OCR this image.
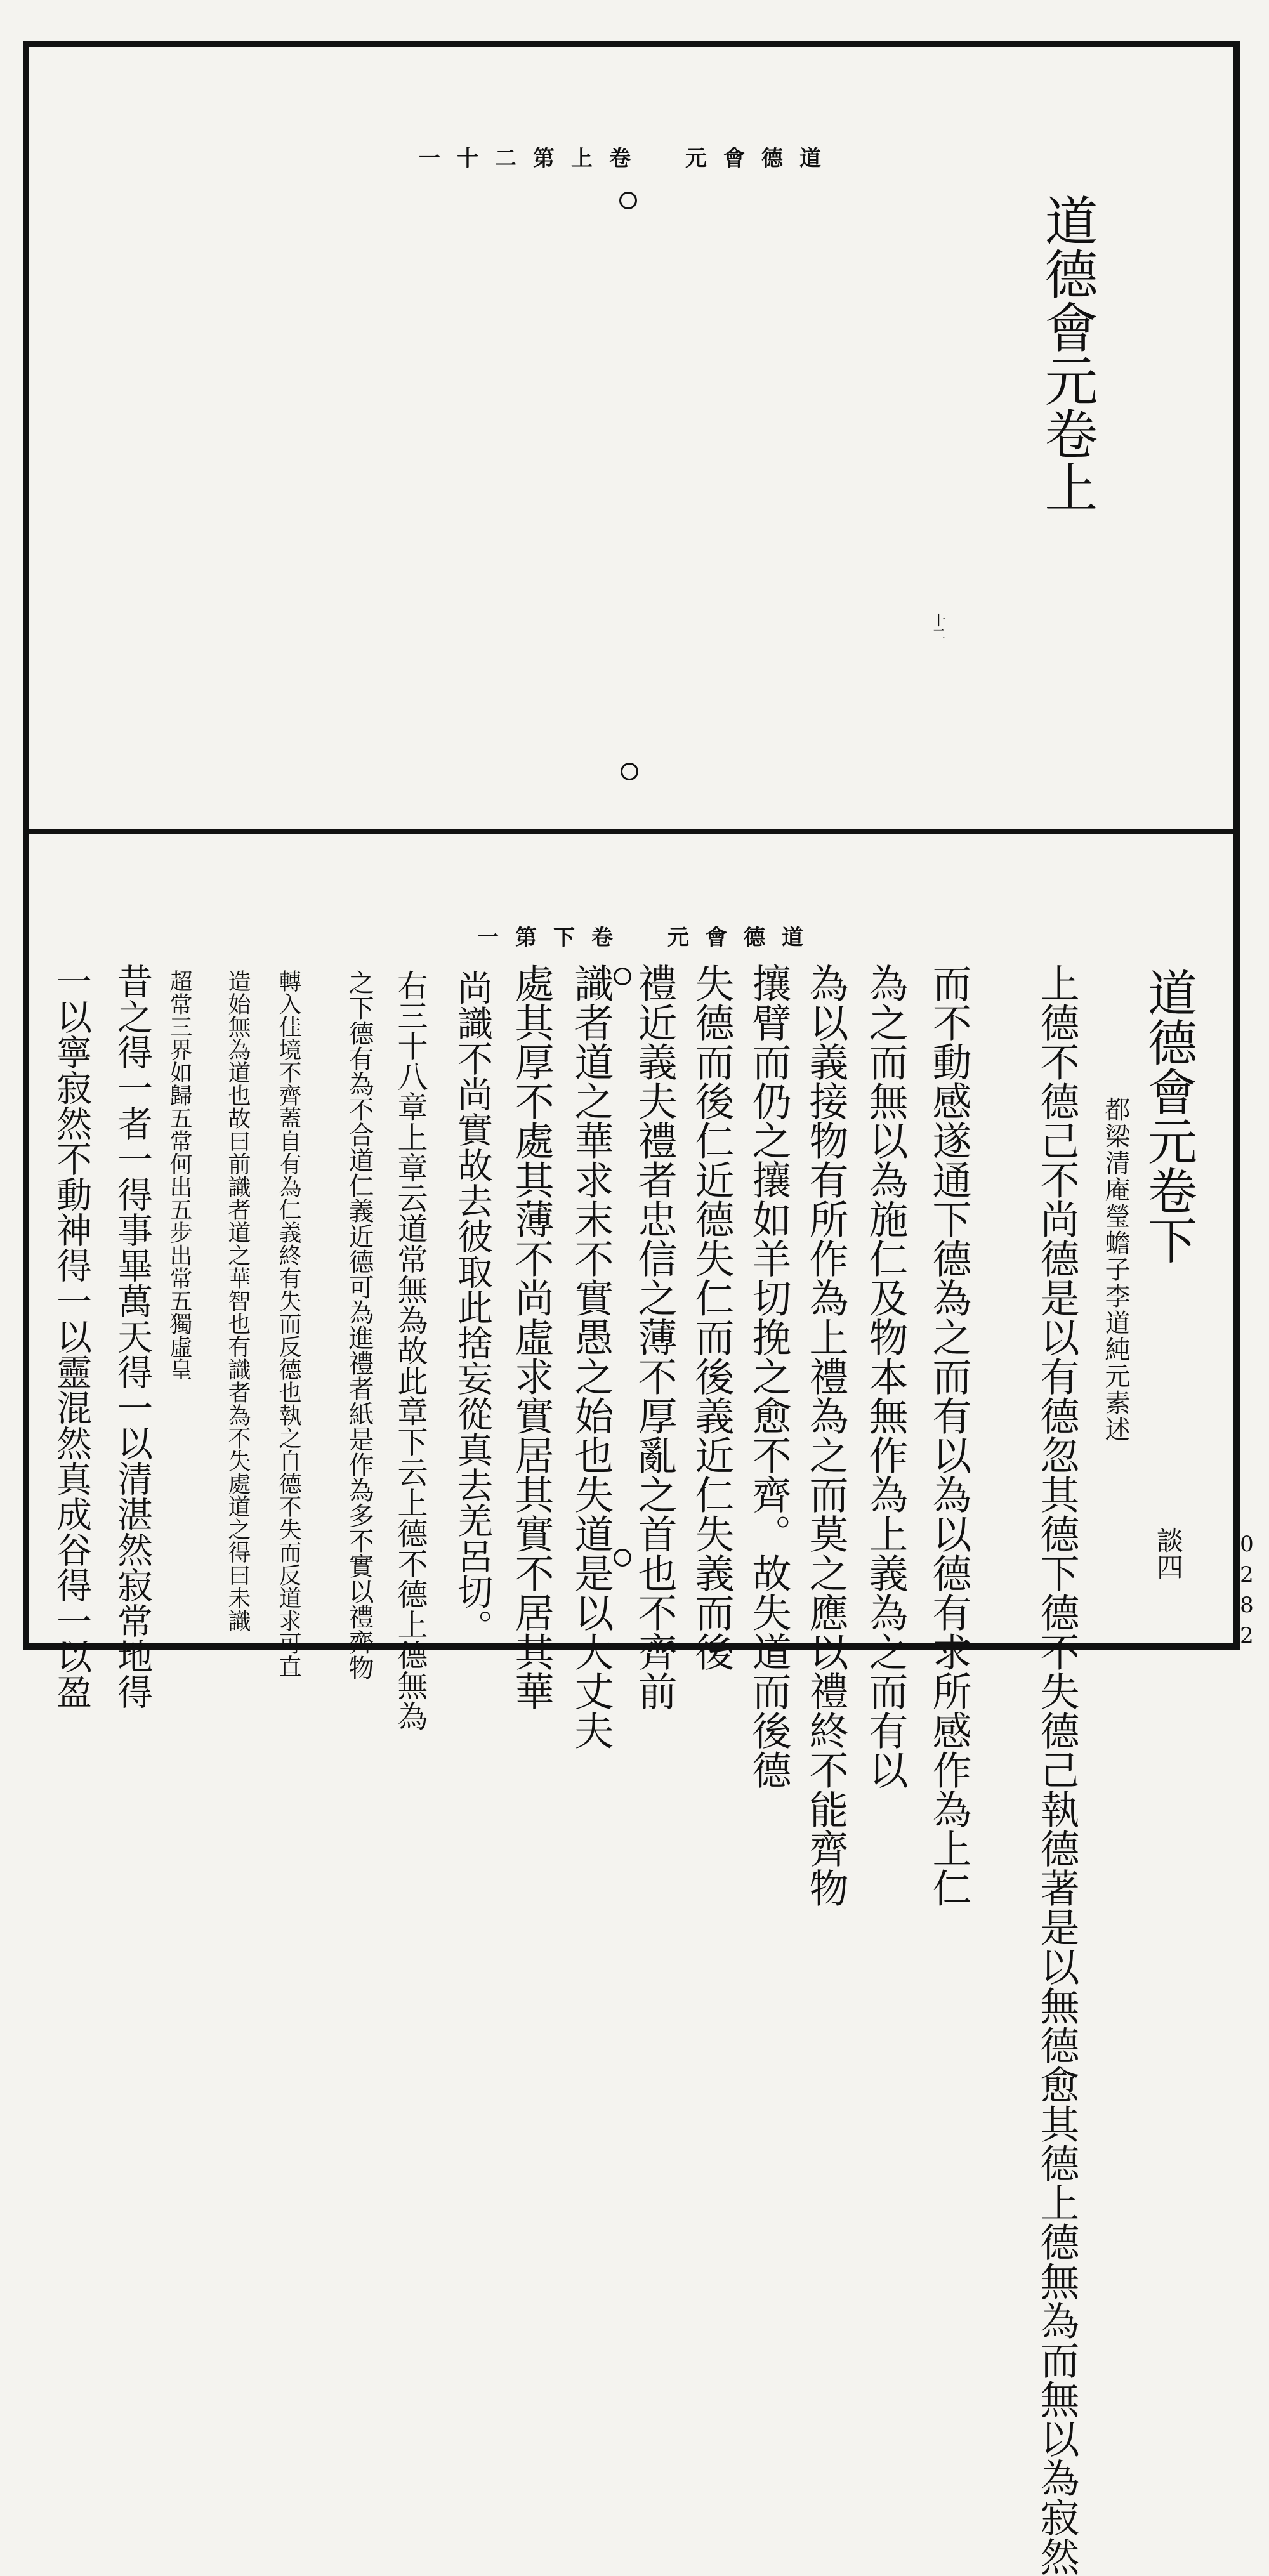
一十二第上卷　元會德道
道德會元卷上
十二
一第下卷　元會德道
道德會元卷下
都梁清庵瑩蟾子李道純元素述
談四 0282
上德不德己不尚德是以有德忽其德下德不失德己執德著是以無德愈其德上德無為而無以為寂然
而不動感遂通下德為之而有以為以德有求所感作為上仁
為之而無以為施仁及物本無作為上義為之而有以
為以義接物有所作為上禮為之而莫之應以禮終不能齊物
攘臂而仍之攘如羊切挽之愈不齊。故失道而後德
失德而後仁近德失仁而後義近仁失義而後
禮近義夫禮者忠信之薄不厚亂之首也不齊前
識者道之華求末不實愚之始也失道是以大丈夫
處其厚不處其薄不尚虛求實居其實不居其華
尚識不尚實故去彼取此捨妄從真去羌呂切。
右三十八章上章云道常無為故此章下云上德不德上德無為
之下德有為不合道仁義近德可為進禮者紙是作為多不實以禮齊物
轉入佳境不齊蓋自有為仁義終有失而反德也執之自德不失而反道求可直
造始無為道也故曰前識者道之華智也有識者為不失處道之得曰未識
超常三界如歸五常何出五步出常五獨虛皇
昔之得一者一得事畢萬天得一以清湛然寂常地得
一以寧寂然不動神得一以靈混然真成谷得一以盈
